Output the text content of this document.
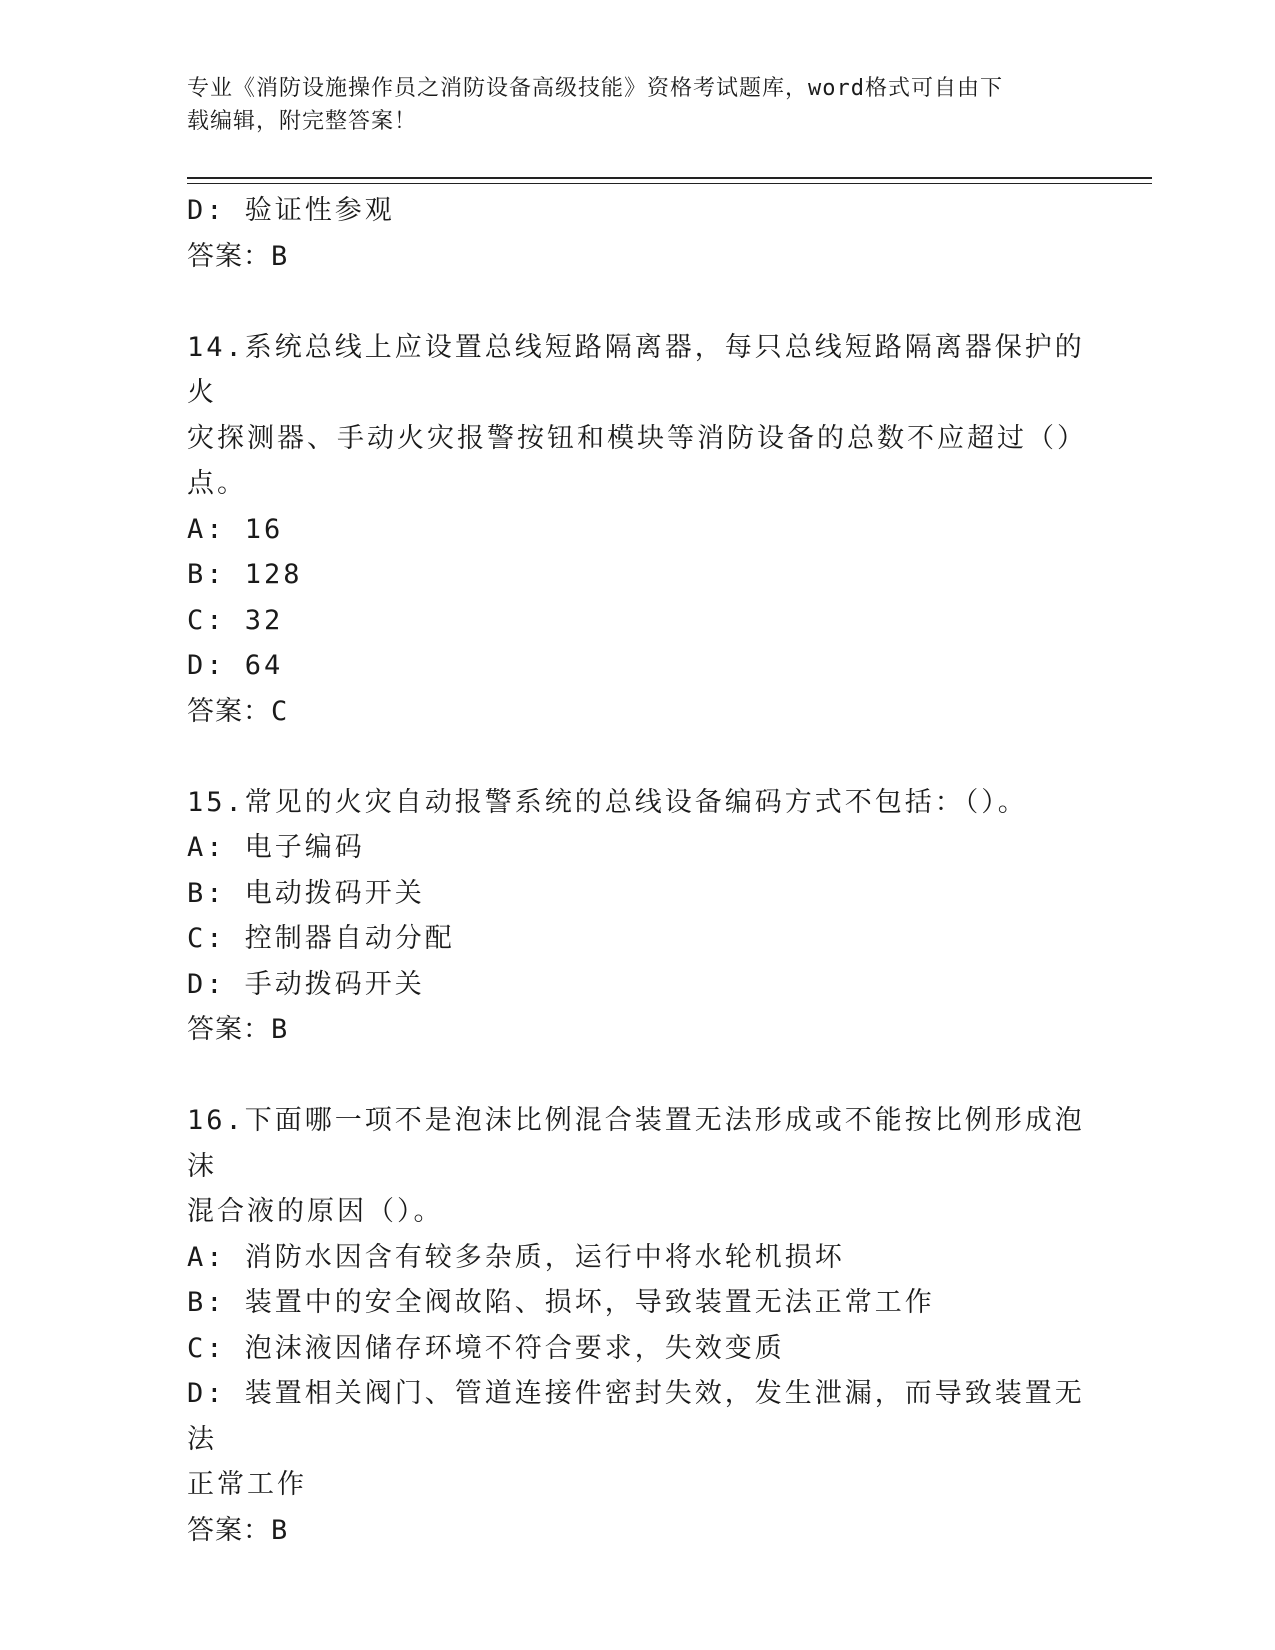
专业《消防设施操作员之消防设备高级技能》资格考试题库，word格式可自由下
载编辑，附完整答案！

D: 验证性参观

答案：B

14.系统总线上应设置总线短路隔离器，每只总线短路隔离器保护的火

灾探测器、手动火灾报警按钮和模块等消防设备的总数不应超过（）

点。

A: 16

B: 128

C: 32

D: 64

答案：C

15.常见的火灾自动报警系统的总线设备编码方式不包括：（）。

A: 电子编码

B: 电动拨码开关

C: 控制器自动分配

D: 手动拨码开关

答案：B

16.下面哪一项不是泡沫比例混合装置无法形成或不能按比例形成泡沫

混合液的原因（）。

A: 消防水因含有较多杂质，运行中将水轮机损坏

B: 装置中的安全阀故陷、损坏，导致装置无法正常工作

C: 泡沫液因储存环境不符合要求，失效变质

D: 装置相关阀门、管道连接件密封失效，发生泄漏，而导致装置无法

正常工作

答案：B
